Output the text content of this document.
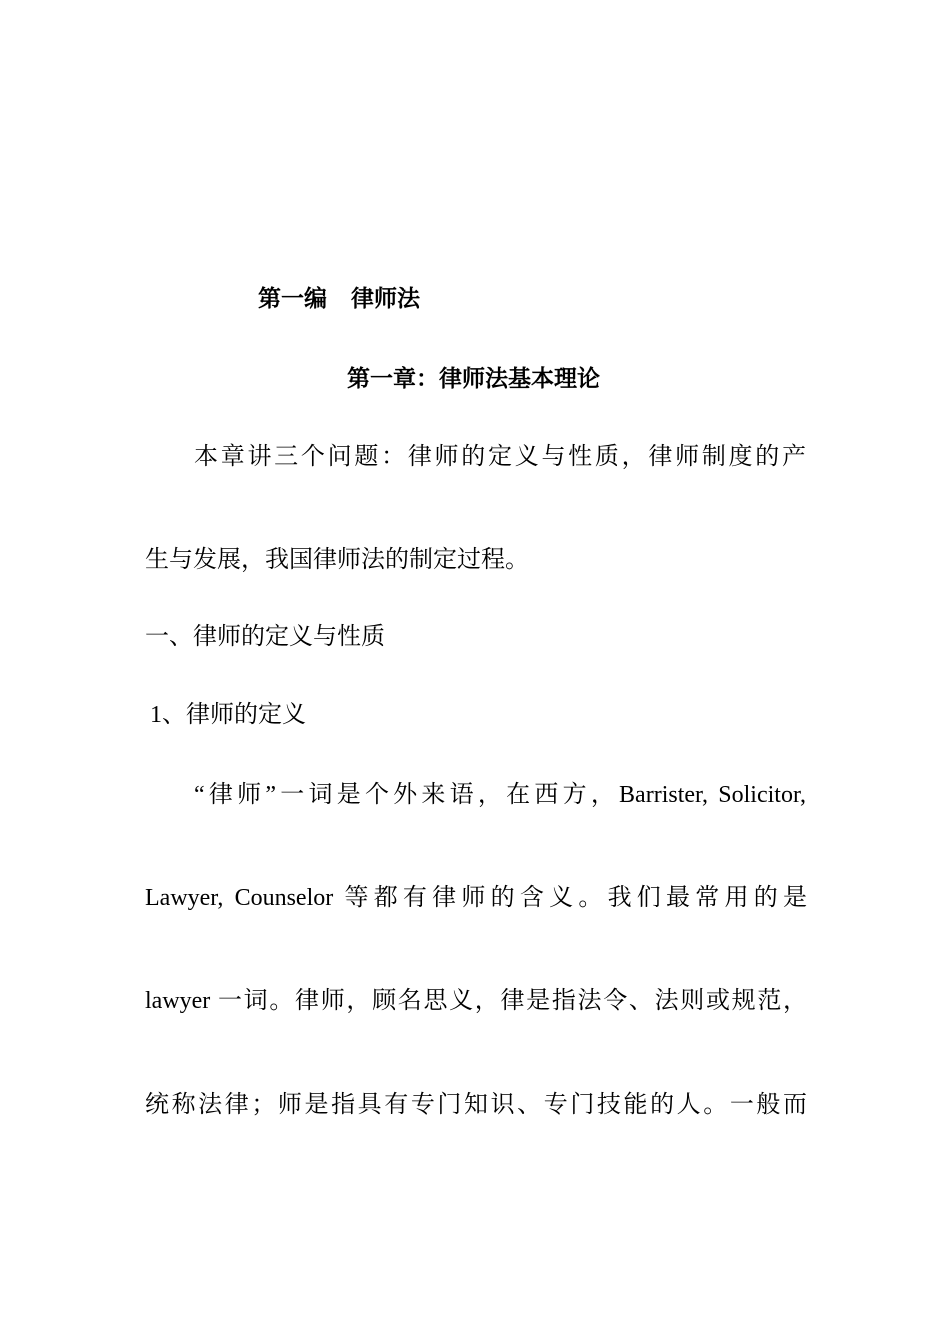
第一编   律师法

第一章：律师法基本理论

本章讲三个问题：律师的定义与性质，律师制度的产

生与发展，我国律师法的制定过程。

一、律师的定义与性质

1、律师的定义

“律师”一词是个外来语，在西方，Barrister, Solicitor,

Lawyer, Counselor 等都有律师的含义。我们最常用的是

lawyer 一词。律师，顾名思义，律是指法令、法则或规范，

统称法律；师是指具有专门知识、专门技能的人。一般而
